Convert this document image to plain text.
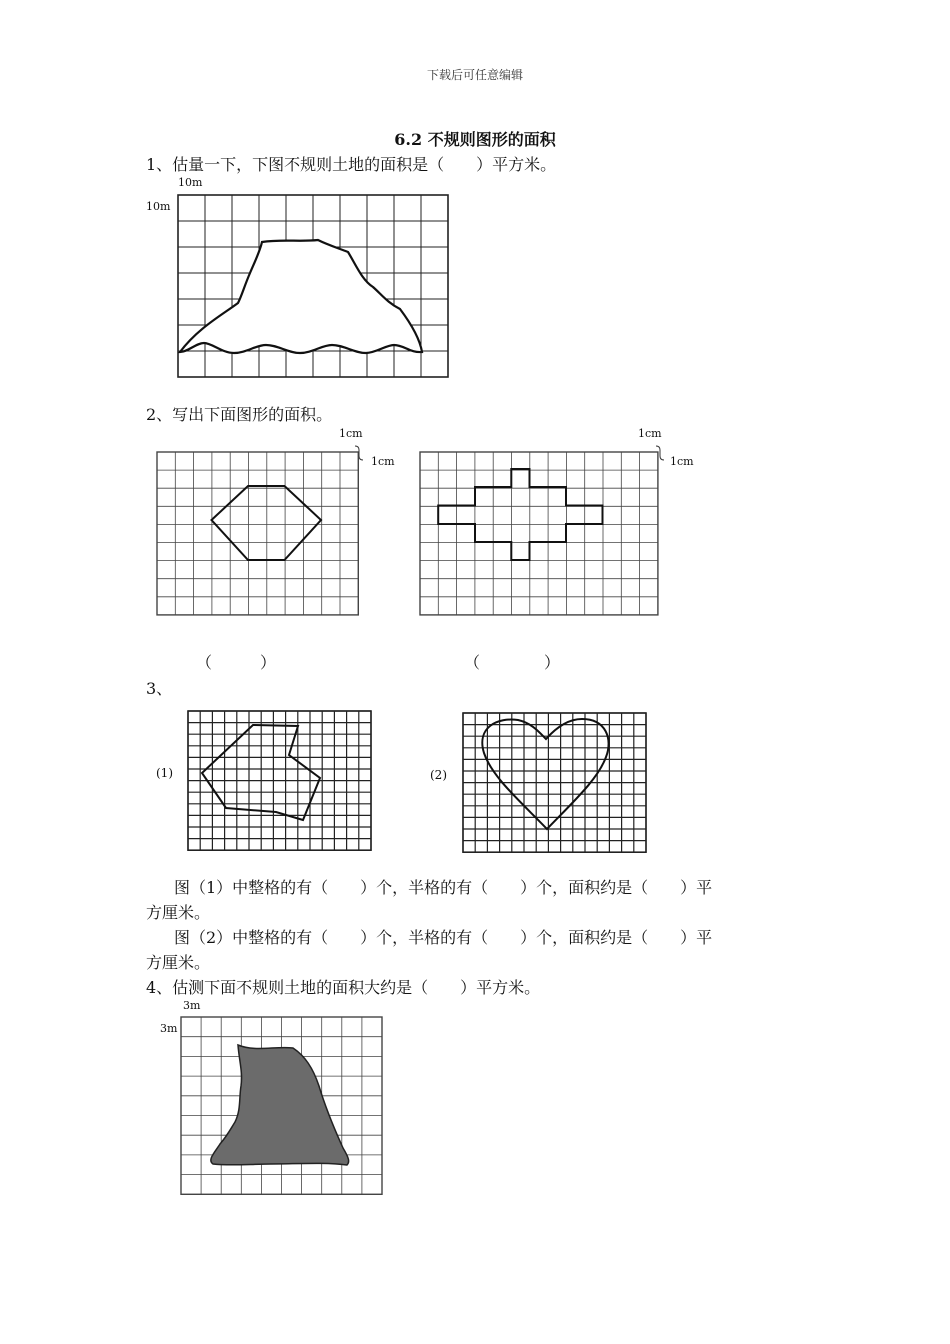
下载后可任意编辑
6.2 不规则图形的面积
1、估量一下，下图不规则土地的面积是（　　）平方米。
10m
10m
2、写出下面图形的面积。
1cm
1cm
1cm
1cm
（　　　）	（　　　　）
3、
(1)	(2)
图（1）中整格的有（　　）个，半格的有（　　）个，面积约是（　　）平
方厘米。
图（2）中整格的有（　　）个，半格的有（　　）个，面积约是（　　）平
方厘米。
4、估测下面不规则土地的面积大约是（　　）平方米。
3m
3m
